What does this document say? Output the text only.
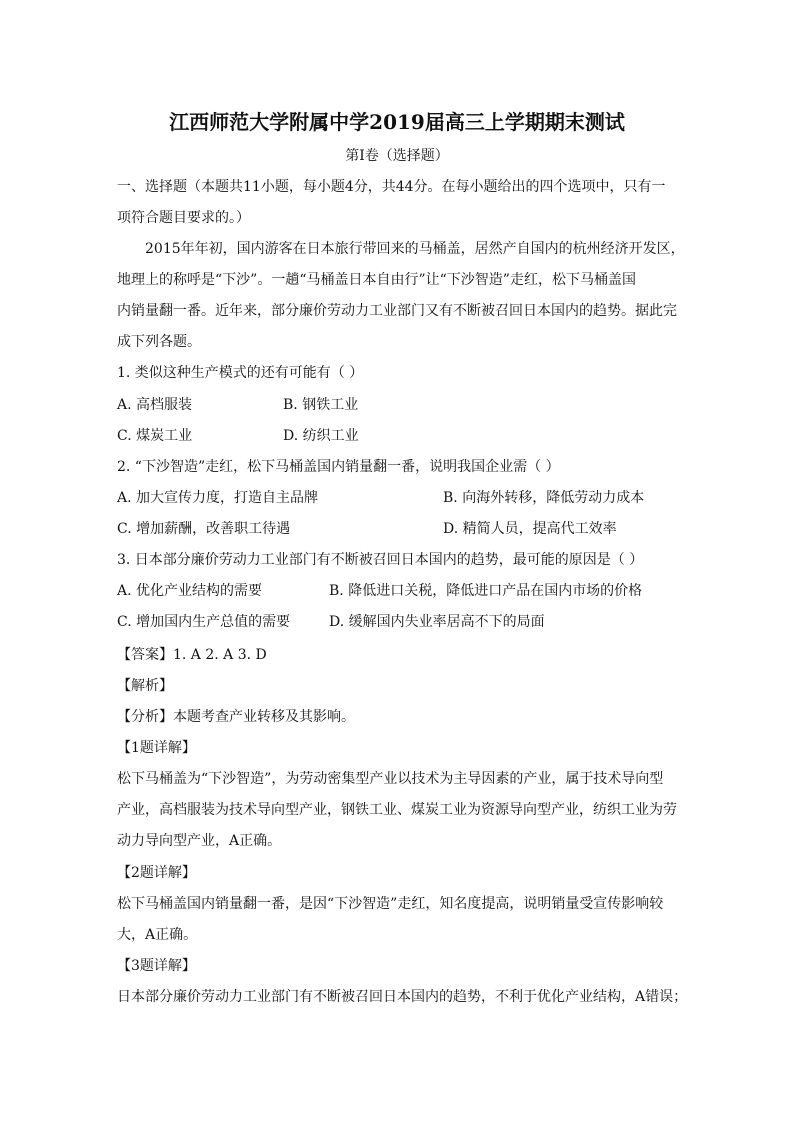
江西师范大学附属中学2019届高三上学期期末测试
第I卷（选择题）
一、选择题（本题共11小题，每小题4分，共44分。在每小题给出的四个选项中，只有一
项符合题目要求的。）
2015年年初，国内游客在日本旅行带回来的马桶盖，居然产自国内的杭州经济开发区，
地理上的称呼是“下沙”。一趟“马桶盖日本自由行”让“下沙智造”走红，松下马桶盖国
内销量翻一番。近年来，部分廉价劳动力工业部门又有不断被召回日本国内的趋势。据此完
成下列各题。
1. 类似这种生产模式的还有可能有（ ）
A. 高档服装	B. 钢铁工业
C. 煤炭工业	D. 纺织工业
2. “下沙智造”走红，松下马桶盖国内销量翻一番，说明我国企业需（ ）
A. 加大宣传力度，打造自主品牌	B. 向海外转移，降低劳动力成本
C. 增加薪酬，改善职工待遇	D. 精简人员，提高代工效率
3. 日本部分廉价劳动力工业部门有不断被召回日本国内的趋势，最可能的原因是（ ）
A. 优化产业结构的需要	B. 降低进口关税，降低进口产品在国内市场的价格
C. 增加国内生产总值的需要	D. 缓解国内失业率居高不下的局面
【答案】1. A 2. A 3. D
【解析】
【分析】本题考查产业转移及其影响。
【1题详解】
松下马桶盖为“下沙智造”，为劳动密集型产业以技术为主导因素的产业，属于技术导向型
产业，高档服装为技术导向型产业，钢铁工业、煤炭工业为资源导向型产业，纺织工业为劳
动力导向型产业，A正确。
【2题详解】
松下马桶盖国内销量翻一番，是因“下沙智造”走红，知名度提高，说明销量受宣传影响较
大，A正确。
【3题详解】
日本部分廉价劳动力工业部门有不断被召回日本国内的趋势，不利于优化产业结构，A错误；
